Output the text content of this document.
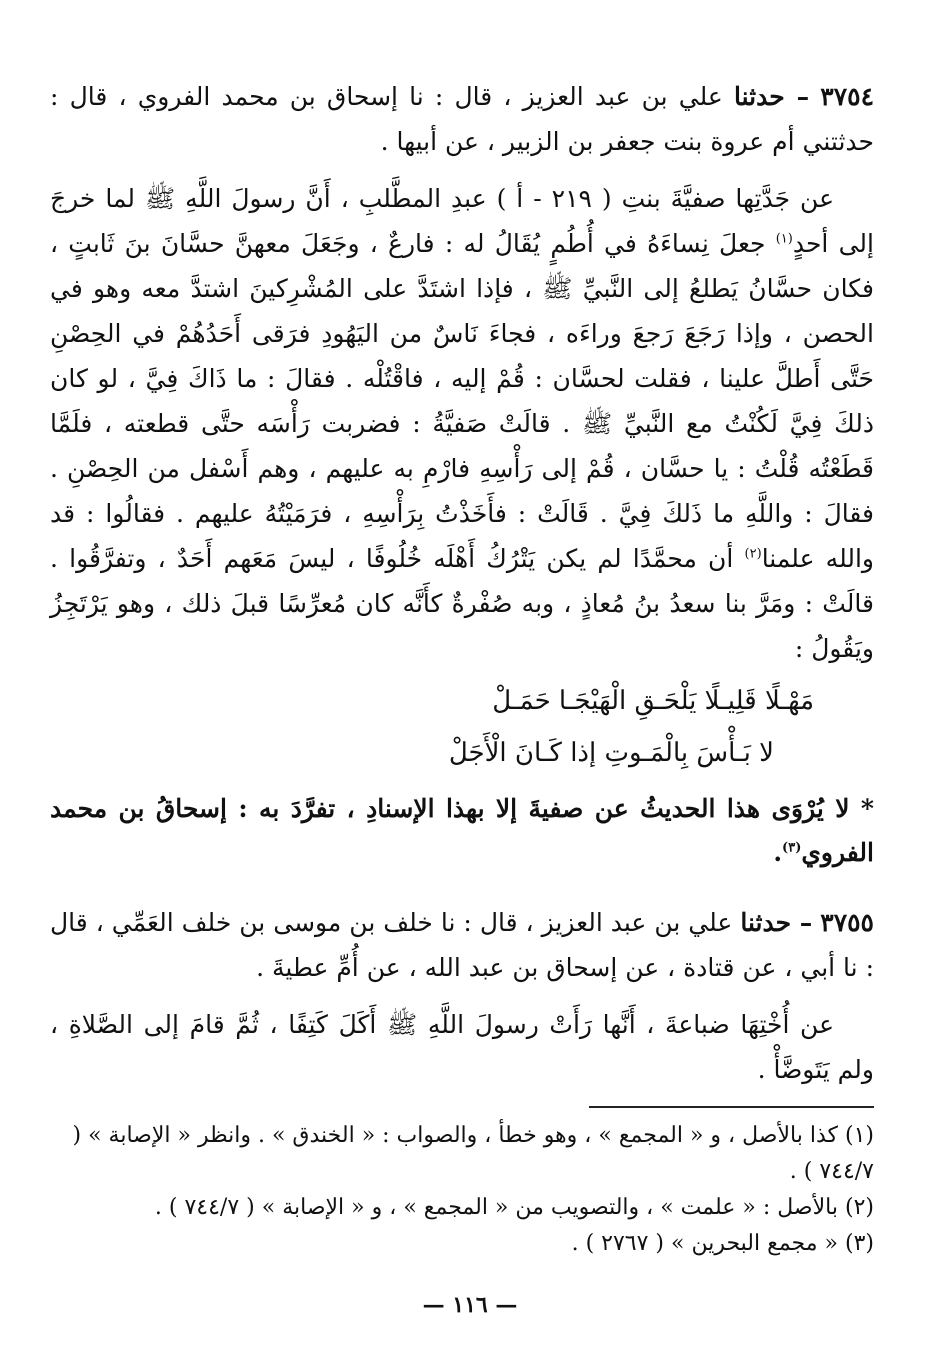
٣٧٥٤ – حدثنا علي بن عبد العزيز ، قال : نا إسحاق بن محمد الفروي ، قال : حدثتني أم عروة بنت جعفر بن الزبير ، عن أبيها .

عن جَدَّتِها صفيَّةَ بنتِ ( ٢١٩ - أ ) عبدِ المطَّلبِ ، أَنَّ رسولَ اللَّهِ ﷺ لما خرجَ إلى أحدٍ$^{(١)}$ جعلَ نِساءَهُ في أُطُمٍ يُقَالُ له : فارعٌ ، وجَعَلَ معهنَّ حسَّانَ بنَ ثَابتٍ ، فكان حسَّانُ يَطلعُ إلى النَّبيِّ ﷺ ، فإذا اشتَدَّ على المُشْرِكينَ اشتدَّ معه وهو في الحصن ، وإذا رَجَعَ رَجعَ وراءَه ، فجاءَ نَاسٌ من اليَهُودِ فرَقى أَحَدُهُمْ في الحِصْنِ حَتَّى أَطلَّ علينا ، فقلت لحسَّان : قُمْ إليه ، فاقْتُلْه . فقالَ : ما ذَاكَ فِيَّ ، لو كان ذلكَ فِيَّ لَكُنْتُ مع النَّبيِّ ﷺ . قالَتْ صَفيَّةُ : فضربت رَأْسَه حتَّى قطعته ، فلَمَّا قَطَعْتُه قُلْتُ : يا حسَّان ، قُمْ إلى رَأْسِهِ فارْمِ به عليهم ، وهم أَسْفل من الحِصْنِ . فقالَ : واللَّهِ ما ذَلكَ فِيَّ . قَالَتْ : فأَخَذْتُ بِرَأْسِهِ ، فرَمَيْتُهُ عليهم . فقالُوا : قد والله علمنا$^{(٢)}$ أن محمَّدًا لم يكن يَتْرُكُ أَهْلَه خُلُوفًا ، ليسَ مَعَهم أَحَدٌ ، وتفرَّقُوا . قالَتْ : ومَرَّ بنا سعدُ بنُ مُعاذٍ ، وبه صُفْرةٌ كأَنَّه كان مُعرِّسًا قبلَ ذلك ، وهو يَرْتَجِزُ ويَقُولُ :

مَهْـلًا قَلِيـلًا يَلْحَـقِ الْهَيْجَـا حَمَـلْ
لا بَـأْسَ بِالْمَـوتِ إذا كَـانَ الْأَجَلْ

* لا يُرْوَى هذا الحديثُ عن صفيةَ إلا بهذا الإسنادِ ، تفرَّدَ به : إسحاقُ بن محمد الفروي$^{(٣)}$.

٣٧٥٥ – حدثنا علي بن عبد العزيز ، قال : نا خلف بن موسى بن خلف العَمِّي ، قال : نا أبي ، عن قتادة ، عن إسحاق بن عبد الله ، عن أُمِّ عطيةَ .

عن أُخْتِهَا ضباعةَ ، أَنَّها رَأَتْ رسولَ اللَّهِ ﷺ أَكَلَ كَتِفًا ، ثُمَّ قامَ إلى الصَّلاةِ ، ولم يَتَوضَّأْ .

(١) كذا بالأصل ، و « المجمع » ، وهو خطأ ، والصواب : « الخندق » . وانظر « الإصابة » ( ٧٤٤/٧ ) .

(٢) بالأصل : « علمت » ، والتصويب من « المجمع » ، و « الإصابة » ( ٧٤٤/٧ ) .

(٣) « مجمع البحرين » ( ٢٧٦٧ ) .

— ١١٦ —
